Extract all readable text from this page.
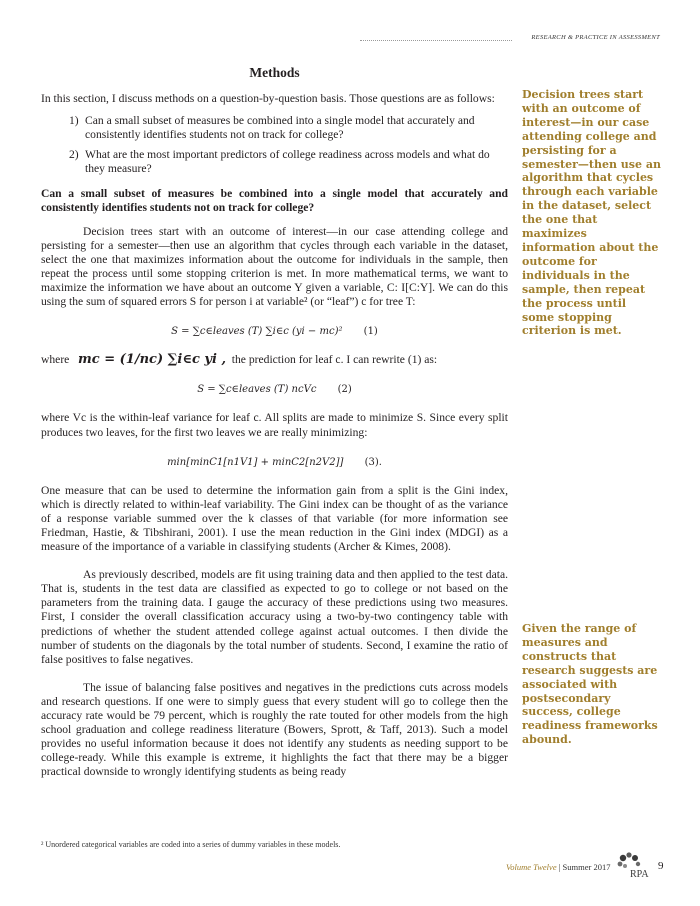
RESEARCH & PRACTICE IN ASSESSMENT
Methods

In this section, I discuss methods on a question-by-question basis. Those questions are as follows:

1) Can a small subset of measures be combined into a single model that accurately and consistently identifies students not on track for college?
2) What are the most important predictors of college readiness across models and what do they measure?
Can a small subset of measures be combined into a single model that accurately and consistently identifies students not on track for college?

Decision trees start with an outcome of interest—in our case attending college and persisting for a semester—then use an algorithm that cycles through each variable in the dataset, select the one that maximizes information about the outcome for individuals in the sample, then repeat the process until some stopping criterion is met. In more mathematical terms, we want to maximize the information we have about an outcome Y given a variable, C: I[C:Y]. We can do this using the sum of squared errors S for person i at variable² (or “leaf”) c for tree T:

S = ∑c∈leaves (T) ∑i∈c (yi − mc)² (1)
where mc = (1/nc) ∑i∈c yi , the prediction for leaf c. I can rewrite (1) as:
S = ∑c∈leaves (T) ncVc (2)

where Vc is the within-leaf variance for leaf c. All splits are made to minimize S. Since every split produces two leaves, for the first two leaves we are really minimizing:

min[minC1[n1V1] + minC2[n2V2]] (3).

One measure that can be used to determine the information gain from a split is the Gini index, which is directly related to within-leaf variability. The Gini index can be thought of as the variance of a response variable summed over the k classes of that variable (for more information see Friedman, Hastie, & Tibshirani, 2001). I use the mean reduction in the Gini index (MDGI) as a measure of the importance of a variable in classifying students (Archer & Kimes, 2008).

As previously described, models are fit using training data and then applied to the test data. That is, students in the test data are classified as expected to go to college or not based on the parameters from the training data. I gauge the accuracy of these predictions using two measures. First, I consider the overall classification accuracy using a two-by-two contingency table with predictions of whether the student attended college against actual outcomes. I then divide the number of students on the diagonals by the total number of students. Second, I examine the ratio of false positives to false negatives.

The issue of balancing false positives and negatives in the predictions cuts across models and research questions. If one were to simply guess that every student will go to college then the accuracy rate would be 79 percent, which is roughly the rate touted for other models from the high school graduation and college readiness literature (Bowers, Sprott, & Taff, 2013). Such a model provides no useful information because it does not identify any students as needing support to be college-ready. While this example is extreme, it highlights the fact that there may be a bigger practical downside to wrongly identifying students as being ready

Decision trees start with an outcome of interest—in our case attending college and persisting for a semester—then use an algorithm that cycles through each variable in the dataset, select the one that maximizes information about the outcome for individuals in the sample, then repeat the process until some stopping criterion is met.
Given the range of measures and constructs that research suggests are associated with postsecondary success, college readiness frameworks abound.
² Unordered categorical variables are coded into a series of dummy variables in these models.
Volume Twelve | Summer 2017
RPA
9
